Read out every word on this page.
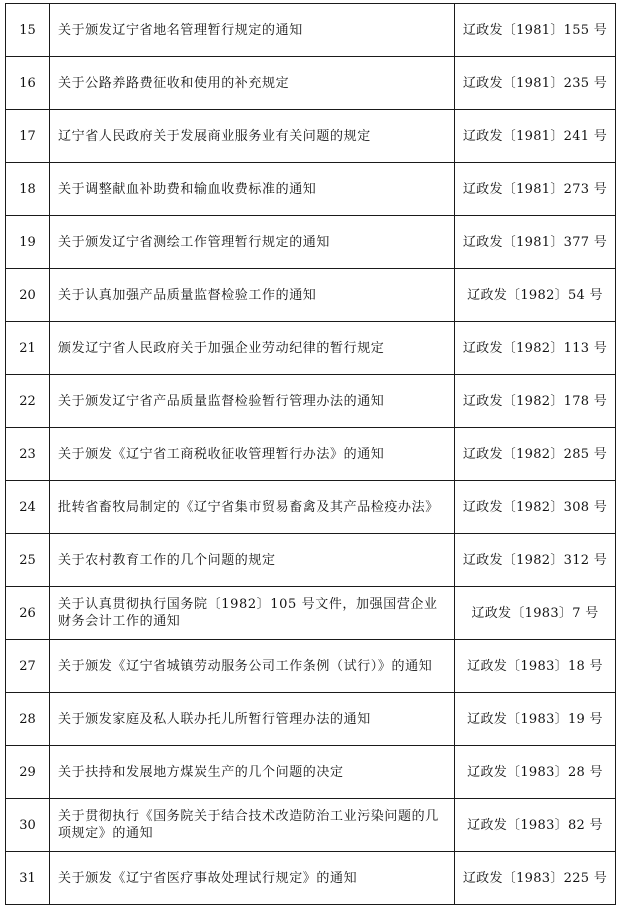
15	关于颁发辽宁省地名管理暂行规定的通知	辽政发〔1981〕155 号
16	关于公路养路费征收和使用的补充规定	辽政发〔1981〕235 号
17	辽宁省人民政府关于发展商业服务业有关问题的规定	辽政发〔1981〕241 号
18	关于调整献血补助费和输血收费标准的通知	辽政发〔1981〕273 号
19	关于颁发辽宁省测绘工作管理暂行规定的通知	辽政发〔1981〕377 号
20	关于认真加强产品质量监督检验工作的通知	辽政发〔1982〕54 号
21	颁发辽宁省人民政府关于加强企业劳动纪律的暂行规定	辽政发〔1982〕113 号
22	关于颁发辽宁省产品质量监督检验暂行管理办法的通知	辽政发〔1982〕178 号
23	关于颁发《辽宁省工商税收征收管理暂行办法》的通知	辽政发〔1982〕285 号
24	批转省畜牧局制定的《辽宁省集市贸易畜禽及其产品检疫办法》	辽政发〔1982〕308 号
25	关于农村教育工作的几个问题的规定	辽政发〔1982〕312 号
26	关于认真贯彻执行国务院〔1982〕105 号文件，加强国营企业财务会计工作的通知	辽政发〔1983〕7 号
27	关于颁发《辽宁省城镇劳动服务公司工作条例（试行）》的通知	辽政发〔1983〕18 号
28	关于颁发家庭及私人联办托儿所暂行管理办法的通知	辽政发〔1983〕19 号
29	关于扶持和发展地方煤炭生产的几个问题的决定	辽政发〔1983〕28 号
30	关于贯彻执行《国务院关于结合技术改造防治工业污染问题的几项规定》的通知	辽政发〔1983〕82 号
31	关于颁发《辽宁省医疗事故处理试行规定》的通知	辽政发〔1983〕225 号
